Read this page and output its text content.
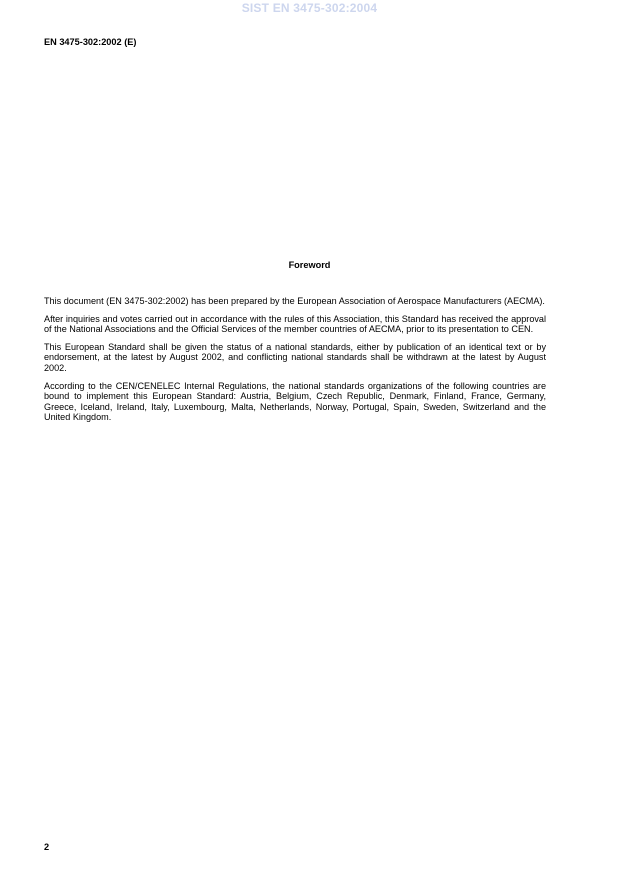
SIST EN 3475-302:2004
EN 3475-302:2002 (E)
Foreword

This document (EN 3475-302:2002) has been prepared by the European Association of Aerospace Manufacturers (AECMA).

After inquiries and votes carried out in accordance with the rules of this Association, this Standard has received the approval of the National Associations and the Official Services of the member countries of AECMA, prior to its presentation to CEN.

This European Standard shall be given the status of a national standards, either by publication of an identical text or by endorsement, at the latest by August 2002, and conflicting national standards shall be withdrawn at the latest by August 2002.

According to the CEN/CENELEC Internal Regulations, the national standards organizations of the following countries are bound to implement this European Standard: Austria, Belgium, Czech Republic, Denmark, Finland, France, Germany, Greece, Iceland, Ireland, Italy, Luxembourg, Malta, Netherlands, Norway, Portugal, Spain, Sweden, Switzerland and the United Kingdom.

2
